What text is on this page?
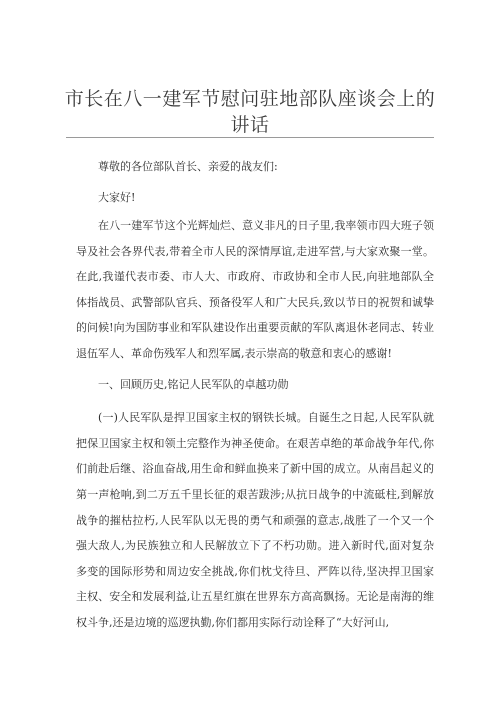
市长在八一建军节慰问驻地部队座谈会上的讲话

尊敬的各位部队首长、亲爱的战友们:

大家好!

在八一建军节这个光辉灿烂、意义非凡的日子里,我率领市四大班子领导及社会各界代表,带着全市人民的深情厚谊,走进军营,与大家欢聚一堂。在此,我谨代表市委、市人大、市政府、市政协和全市人民,向驻地部队全体指战员、武警部队官兵、预备役军人和广大民兵,致以节日的祝贺和诚挚的问候!向为国防事业和军队建设作出重要贡献的军队离退休老同志、转业退伍军人、革命伤残军人和烈军属,表示崇高的敬意和衷心的感谢!

一、回顾历史,铭记人民军队的卓越功勋

(一)人民军队是捍卫国家主权的钢铁长城。自诞生之日起,人民军队就把保卫国家主权和领土完整作为神圣使命。在艰苦卓绝的革命战争年代,你们前赴后继、浴血奋战,用生命和鲜血换来了新中国的成立。从南昌起义的第一声枪响,到二万五千里长征的艰苦跋涉;从抗日战争的中流砥柱,到解放战争的摧枯拉朽,人民军队以无畏的勇气和顽强的意志,战胜了一个又一个强大敌人,为民族独立和人民解放立下了不朽功勋。进入新时代,面对复杂多变的国际形势和周边安全挑战,你们枕戈待旦、严阵以待,坚决捍卫国家主权、安全和发展利益,让五星红旗在世界东方高高飘扬。无论是南海的维权斗争,还是边境的巡逻执勤,你们都用实际行动诠释了“大好河山,
